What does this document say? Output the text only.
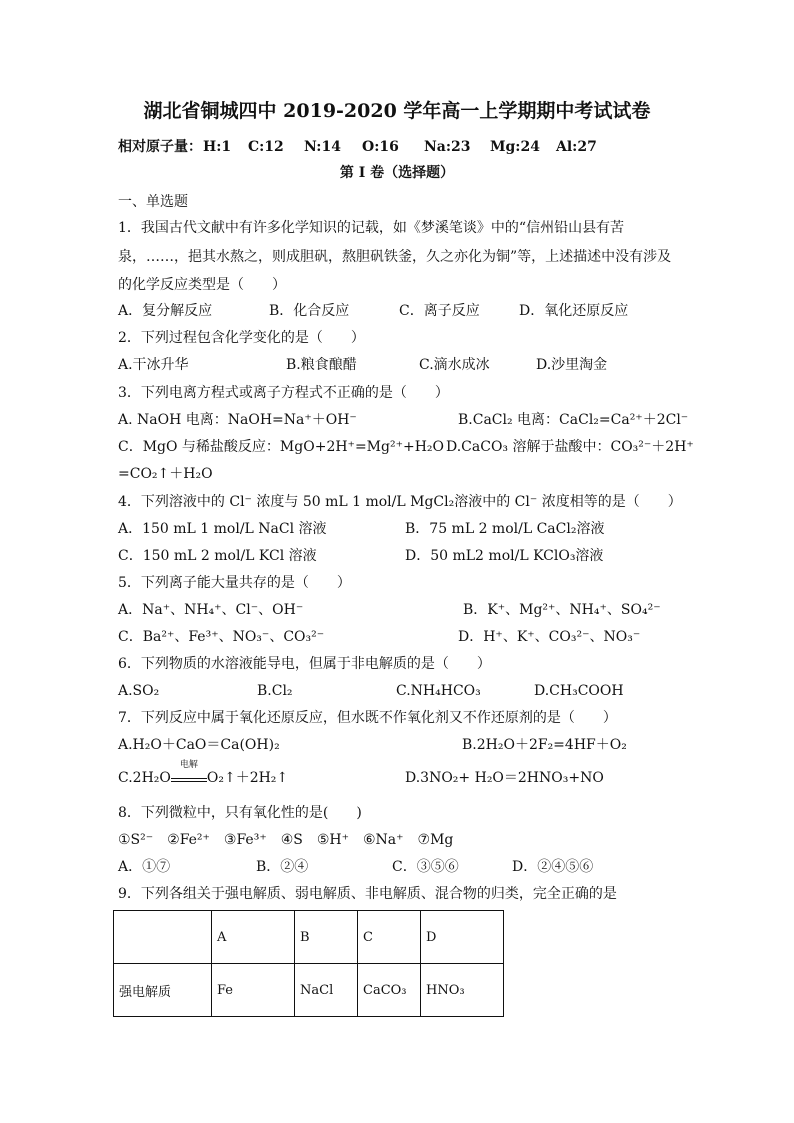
湖北省铜城四中 2019-2020 学年高一上学期期中考试试卷
相对原子量： H:1 C:12 N:14 O:16 Na:23 Mg:24 Al:27
第 I 卷（选择题）
一、单选题
1．我国古代文献中有许多化学知识的记载，如《梦溪笔谈》中的“信州铅山县有苦
泉，……，挹其水熬之，则成胆矾，熬胆矾铁釜，久之亦化为铜”等，上述描述中没有涉及
的化学反应类型是（　　）
A．复分解反应	B．化合反应	C．离子反应	D．氧化还原反应
2．下列过程包含化学变化的是（　　）
A.干冰升华	B.粮食酿醋	C.滴水成冰	D.沙里淘金
3．下列电离方程式或离子方程式不正确的是（　　）
A. NaOH 电离：NaOH=Na⁺＋OH⁻	B.CaCl₂ 电离：CaCl₂=Ca²⁺＋2Cl⁻
C．MgO 与稀盐酸反应：MgO+2H⁺=Mg²⁺+H₂O D.CaCO₃ 溶解于盐酸中：CO₃²⁻＋2H⁺
=CO₂↑＋H₂O
4．下列溶液中的 Cl⁻ 浓度与 50 mL 1 mol/L MgCl₂溶液中的 Cl⁻ 浓度相等的是（　　）
A．150 mL 1 mol/L NaCl 溶液	B．75 mL 2 mol/L CaCl₂溶液
C．150 mL 2 mol/L KCl 溶液	D．50 mL2 mol/L KClO₃溶液
5．下列离子能大量共存的是（　　）
A．Na⁺、NH₄⁺、Cl⁻、OH⁻	B．K⁺、Mg²⁺、NH₄⁺、SO₄²⁻
C．Ba²⁺、Fe³⁺、NO₃⁻、CO₃²⁻	D．H⁺、K⁺、CO₃²⁻、NO₃⁻
6．下列物质的水溶液能导电，但属于非电解质的是（　　）
A.SO₂	B.Cl₂	C.NH₄HCO₃	D.CH₃COOH
7．下列反应中属于氧化还原反应，但水既不作氧化剂又不作还原剂的是（　　）
A.H₂O＋CaO＝Ca(OH)₂	B.2H₂O＋2F₂=4HF＋O₂
C.2H₂O
电解
O₂↑＋2H₂↑	D.3NO₂+ H₂O＝2HNO₃+NO
8．下列微粒中，只有氧化性的是(　　)
①S²⁻　②Fe²⁺　③Fe³⁺　④S　⑤H⁺　⑥Na⁺　⑦Mg
A．①⑦	B．②④	C．③⑤⑥	D．②④⑤⑥
9．下列各组关于强电解质、弱电解质、非电解质、混合物的归类，完全正确的是
	A	B	C	D
强电解质	Fe	NaCl	CaCO₃	HNO₃
